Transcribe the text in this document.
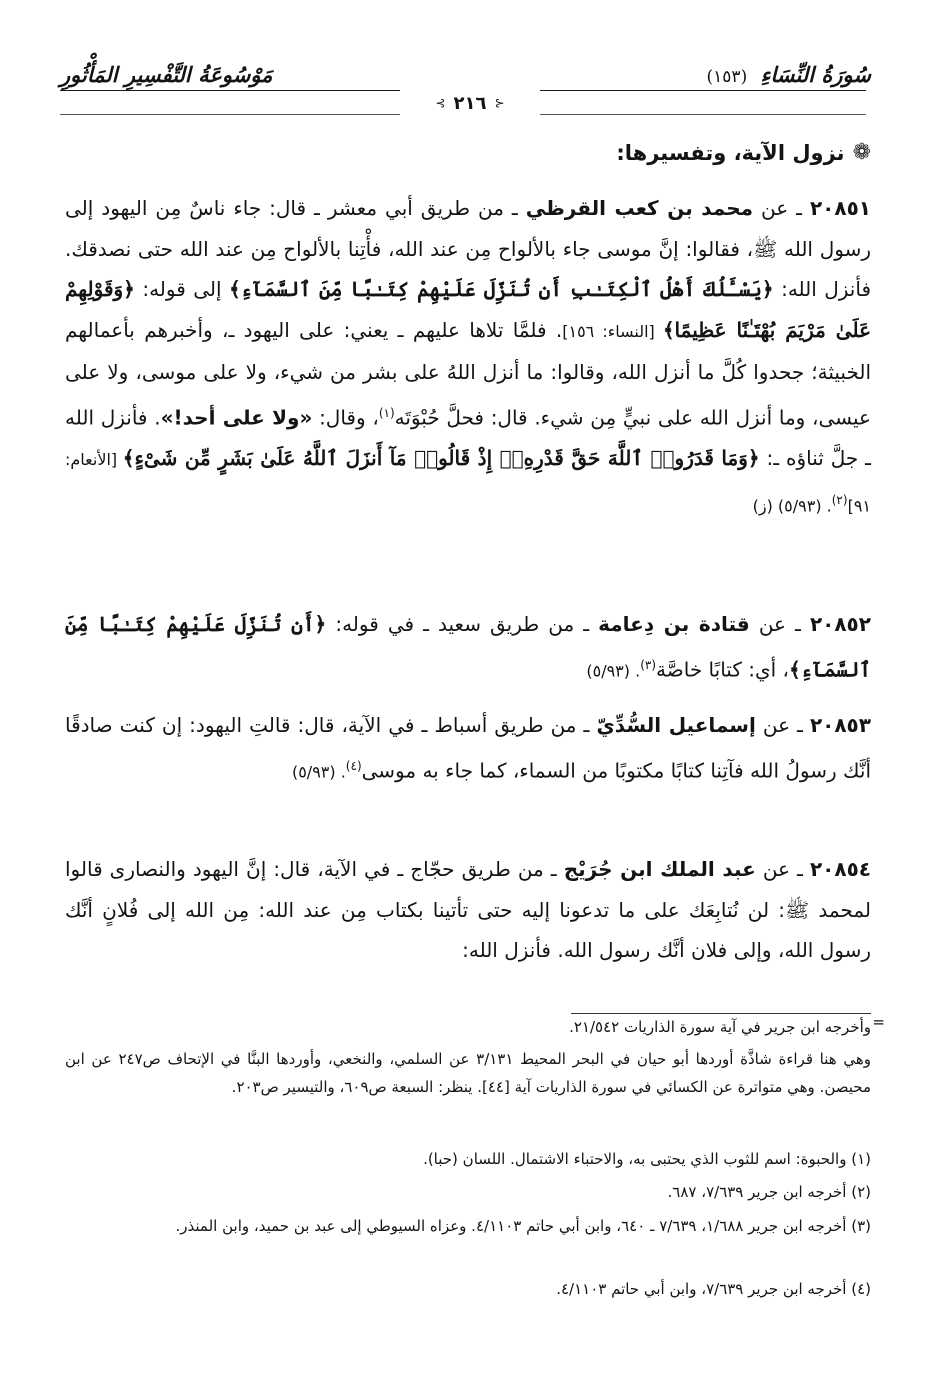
سُورَةُ النِّسَاءِ (١٥٣)
مَوْسُوعَةُ التَّفْسِيرِ المَأْثُورِ
⊰
٢١٦
⊱
❁
نزول الآية، وتفسيرها:
٢٠٨٥١ ـ عن محمد بن كعب القرظي ـ من طريق أبي معشر ـ قال: جاء ناسٌ مِن اليهود إلى رسول الله ﷺ، فقالوا: إنَّ موسى جاء بالألواح مِن عند الله، فأْتِنا بالألواح مِن عند الله حتى نصدقك. فأنزل الله: ﴿يَسْـَٔلُكَ أَهْلُ ٱلْكِتَـٰبِ أَن تُنَزِّلَ عَلَيْهِمْ كِتَـٰبًا مِّنَ ٱلسَّمَآءِ﴾ إلى قوله: ﴿وَقَوْلِهِمْ عَلَىٰ مَرْيَمَ بُهْتَـٰنًا عَظِيمًا﴾ [النساء: ١٥٦]. فلمَّا تلاها عليهم ـ يعني: على اليهود ـ، وأخبرهم بأعمالهم الخبيثة؛ جحدوا كُلَّ ما أنزل الله، وقالوا: ما أنزل اللهُ على بشر من شيء، ولا على موسى، ولا على عيسى، وما أنزل الله على نبيٍّ مِن شيء. قال: فحلَّ حُبْوَتَه$^{(١)}$، وقال: «ولا على أحد!». فأنزل الله ـ جلَّ ثناؤه ـ: ﴿وَمَا قَدَرُوا۟ ٱللَّهَ حَقَّ قَدْرِهِۦٓ إِذْ قَالُوا۟ مَآ أَنزَلَ ٱللَّهُ عَلَىٰ بَشَرٍ مِّن شَىْءٍ﴾ [الأنعام: ٩١]$^{(٢)}$. (٥/٩٣) (ز)
٢٠٨٥٢ ـ عن قتادة بن دِعامة ـ من طريق سعيد ـ في قوله: ﴿أَن تُنَزِّلَ عَلَيْهِمْ كِتَـٰبًا مِّنَ ٱلسَّمَآءِ﴾، أي: كتابًا خاصَّة$^{(٣)}$. (٥/٩٣)
٢٠٨٥٣ ـ عن إسماعيل السُّدِّيّ ـ من طريق أسباط ـ في الآية، قال: قالتِ اليهود: إن كنت صادقًا أنَّك رسولُ الله فآتِنا كتابًا مكتوبًا من السماء، كما جاء به موسى$^{(٤)}$. (٥/٩٣)
٢٠٨٥٤ ـ عن عبد الملك ابن جُرَيْج ـ من طريق حجّاج ـ في الآية، قال: إنَّ اليهود والنصارى قالوا لمحمد ﷺ: لن نُتابِعَك على ما تدعونا إليه حتى تأتينا بكتاب مِن عند الله: مِن الله إلى فُلانٍ أنَّك رسول الله، وإلى فلان أنَّك رسول الله. فأنزل الله:
=
وأخرجه ابن جرير في آية سورة الذاريات ٢١/٥٤٢.
وهي هنا قراءة شاذَّة أوردها أبو حيان في البحر المحيط ٣/١٣١ عن السلمي، والنخعي، وأوردها البنَّا في الإتحاف ص٢٤٧ عن ابن محيصن. وهي متواترة عن الكسائي في سورة الذاريات آية [٤٤]. ينظر: السبعة ص٦٠٩، والتيسير ص٢٠٣.
(١) والحبوة: اسم للثوب الذي يحتبى به، والاحتباء الاشتمال. اللسان (حبا).
(٢) أخرجه ابن جرير ٧/٦٣٩، ٦٨٧.
(٣) أخرجه ابن جرير ١/٦٨٨، ٧/٦٣٩ ـ ٦٤٠، وابن أبي حاتم ٤/١١٠٣. وعزاه السيوطي إلى عبد بن حميد، وابن المنذر.
(٤) أخرجه ابن جرير ٧/٦٣٩، وابن أبي حاتم ٤/١١٠٣.
